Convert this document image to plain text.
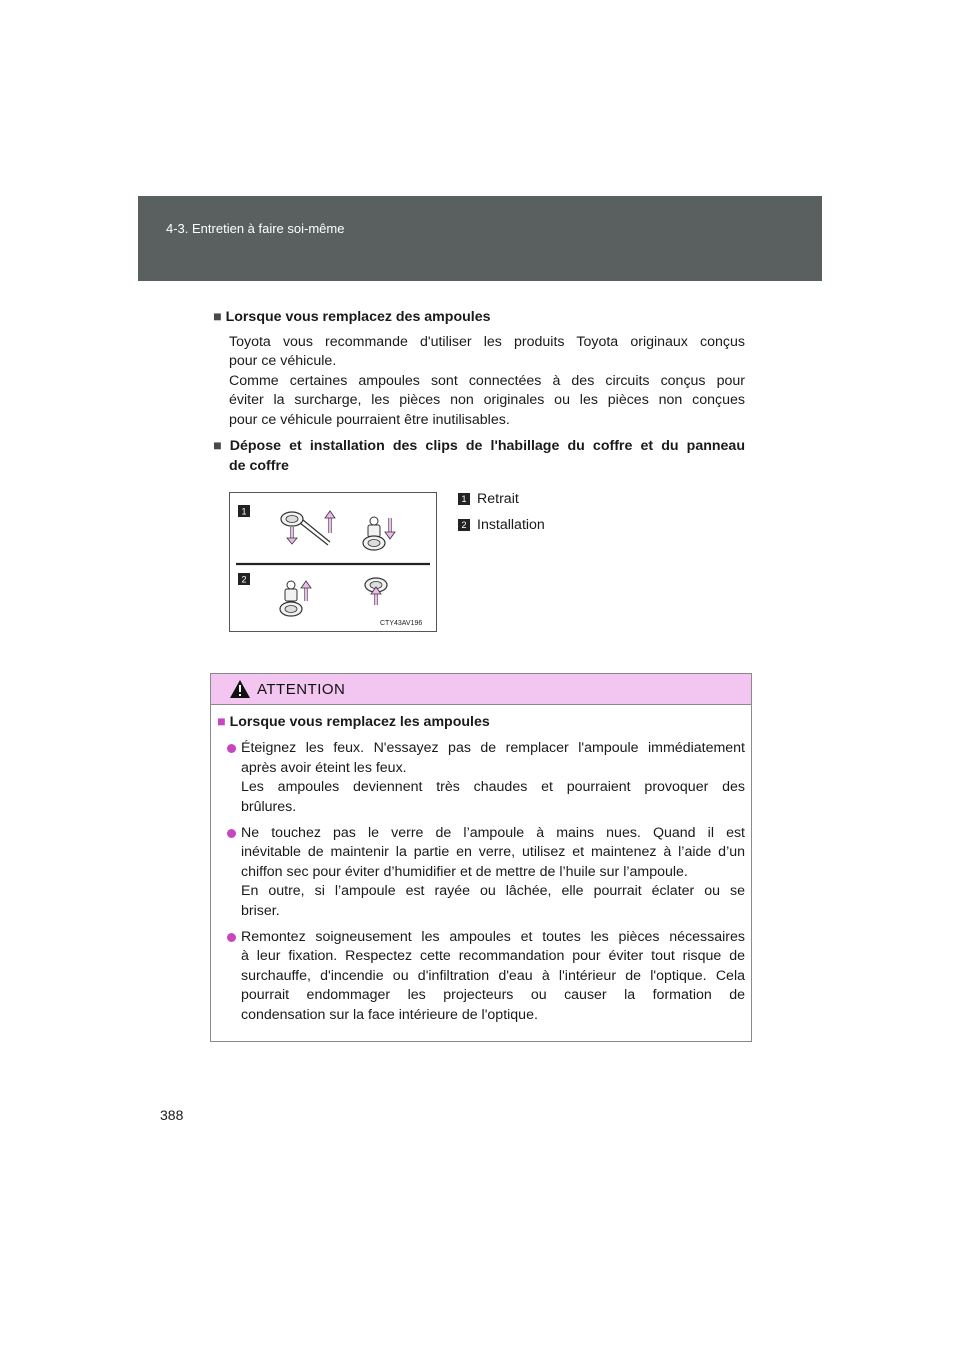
4-3. Entretien à faire soi-même

■ Lorsque vous remplacez des ampoules

Toyota vous recommande d'utiliser les produits Toyota originaux conçus
pour ce véhicule.
Comme certaines ampoules sont connectées à des circuits conçus pour
éviter la surcharge, les pièces non originales ou les pièces non conçues
pour ce véhicule pourraient être inutilisables.

■ Dépose et installation des clips de l'habillage du coffre et du panneau
de coffre

1
2
CTY43AV196
1 Retrait
2 Installation
ATTENTION
■ Lorsque vous remplacez les ampoules
Éteignez les feux. N'essayez pas de remplacer l'ampoule immédiatement
après avoir éteint les feux.
Les ampoules deviennent très chaudes et pourraient provoquer des
brûlures.
Ne touchez pas le verre de l’ampoule à mains nues. Quand il est
inévitable de maintenir la partie en verre, utilisez et maintenez à l’aide d’un
chiffon sec pour éviter d’humidifier et de mettre de l’huile sur l’ampoule.
En outre, si l’ampoule est rayée ou lâchée, elle pourrait éclater ou se
briser.
Remontez soigneusement les ampoules et toutes les pièces nécessaires
à leur fixation. Respectez cette recommandation pour éviter tout risque de
surchauffe, d'incendie ou d'infiltration d'eau à l'intérieur de l'optique. Cela
pourrait endommager les projecteurs ou causer la formation de
condensation sur la face intérieure de l'optique.
388
